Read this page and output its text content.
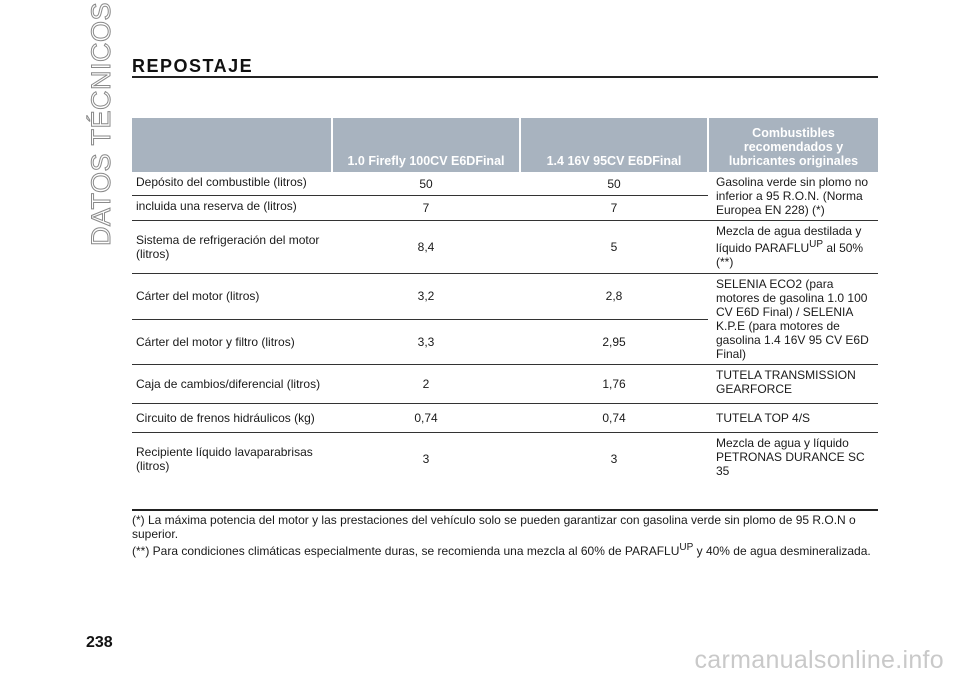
DATOS TÉCNICOS REPOSTAJE
	1.0 Firefly 100CV E6DFinal	1.4 16V 95CV E6DFinal	Combustibles recomendados y lubricantes originales
Depósito del combustible (litros)	50	50	Gasolina verde sin plomo no inferior a 95 R.O.N. (Norma Europea EN 228) (*)
incluida una reserva de (litros)	7	7	
Sistema de refrigeración del motor (litros)	8,4	5	Mezcla de agua destilada y líquido $PARAFLU^{UP}$ al 50% (**)
Cárter del motor (litros)	3,2	2,8	SELENIA ECO2 (para motores de gasolina 1.0 100 CV E6D Final) / SELENIA K.P.E (para motores de gasolina 1.4 16V 95 CV E6D Final)
Cárter del motor y filtro (litros)	3,3	2,95	
Caja de cambios/diferencial (litros)	2	1,76	TUTELA TRANSMISSION GEARFORCE
Circuito de frenos hidráulicos (kg)	0,74	0,74	TUTELA TOP 4/S
Recipiente líquido lavaparabrisas (litros)	3	3	Mezcla de agua y líquido PETRONAS DURANCE SC 35

(*) La máxima potencia del motor y las prestaciones del vehículo solo se pueden garantizar con gasolina verde sin plomo de 95 R.O.N o superior.

(**) Para condiciones climáticas especialmente duras, se recomienda una mezcla al 60% de $PARAFLU^{UP}$ y 40% de agua desmineralizada.

238
carmanualsonline.info
